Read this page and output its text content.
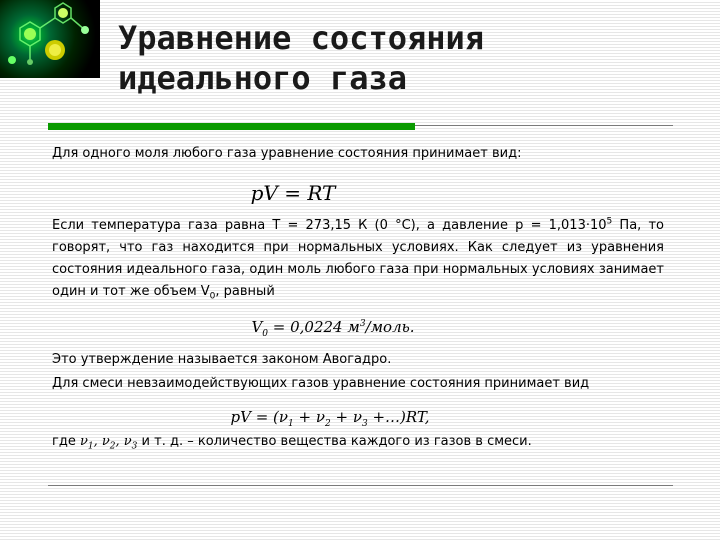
Уравнение состояния
идеального газа

Для одного моля любого газа уравнение состояния принимает вид:

pV = RT

Если температура газа равна Т = 273,15 К (0 °С), а давление $р = 1,013\cdot 10^5$ Па, то говорят, что газ находится при нормальных условиях. Как следует из уравнения состояния идеального газа, один моль любого газа при нормальных условиях занимает один и тот же объем $V_0$, равный

$V_0 = 0,0224$ $м^3$/моль.

Это утверждение называется законом Авогадро.

Для смеси невзаимодействующих газов уравнение состояния принимает вид

pV = ($\nu_1 + \nu_2 + \nu_3$ +…)RT,

где $\nu_1$, $\nu_2$, $\nu_3$ и т. д. – количество вещества каждого из газов в смеси.
